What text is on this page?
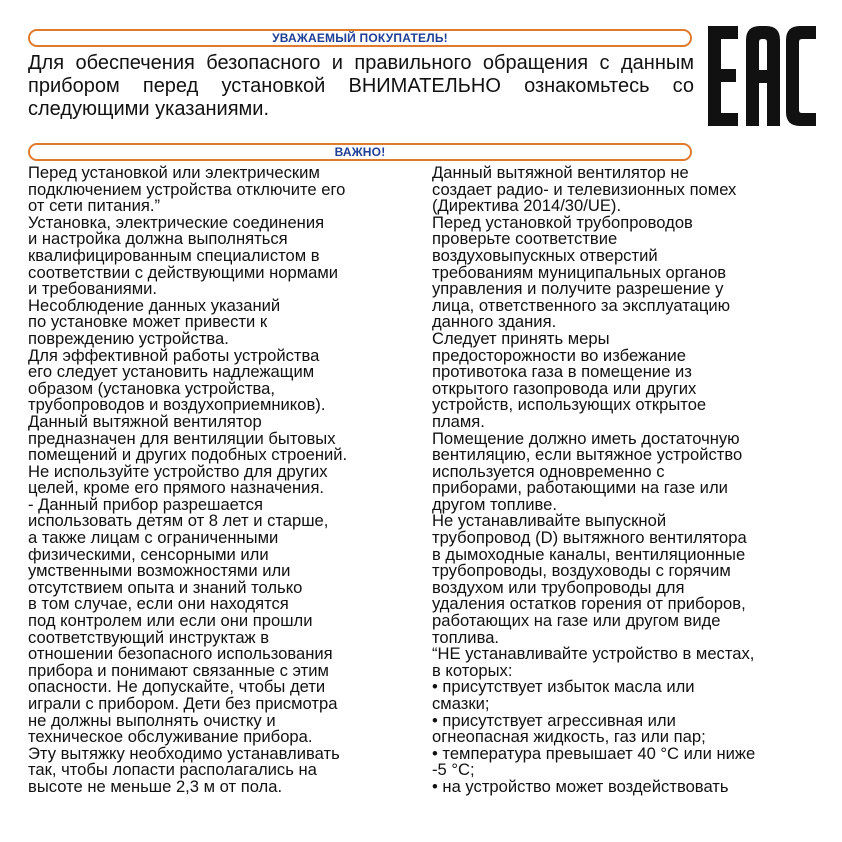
УВАЖАЕМЫЙ ПОКУПАТЕЛЬ!

Для обеспечения безопасного и правильного обращения с данным прибором перед установкой ВНИМАТЕЛЬНО ознакомьтесь со следующими указаниями.

ВАЖНО!

Перед установкой или электрическим
подключением устройства отключите его
от сети питания.”

Установка, электрические соединения
и настройка должна выполняться
квалифицированным специалистом в
соответствии с действующими нормами
и требованиями.

Несоблюдение данных указаний
по установке может привести к
повреждению устройства.

Для эффективной работы устройства
его следует установить надлежащим
образом (установка устройства,
трубопроводов и воздухоприемников).

Данный вытяжной вентилятор
предназначен для вентиляции бытовых
помещений и других подобных строений.

Не используйте устройство для других
целей, кроме его прямого назначения.

- Данный прибор разрешается
использовать детям от 8 лет и старше,
а также лицам с ограниченными
физическими, сенсорными или
умственными возможностями или
отсутствием опыта и знаний только
в том случае, если они находятся
под контролем или если они прошли
соответствующий инструктаж в
отношении безопасного использования
прибора и понимают связанные с этим
опасности. Не допускайте, чтобы дети
играли с прибором. Дети без присмотра
не должны выполнять очистку и
техническое обслуживание прибора.

Эту вытяжку необходимо устанавливать
так, чтобы лопасти располагались на
высоте не меньше 2,3 м от пола.

Данный вытяжной вентилятор не
создает радио- и телевизионных помех
(Директива 2014/30/UE).

Перед установкой трубопроводов
проверьте соответствие
воздуховыпускных отверстий
требованиям муниципальных органов
управления и получите разрешение у
лица, ответственного за эксплуатацию
данного здания.

Следует принять меры
предосторожности во избежание
противотока газа в помещение из
открытого газопровода или других
устройств, использующих открытое
пламя.

Помещение должно иметь достаточную
вентиляцию, если вытяжное устройство
используется одновременно с
приборами, работающими на газе или
другом топливе.

Не устанавливайте выпускной
трубопровод (D) вытяжного вентилятора
в дымоходные каналы, вентиляционные
трубопроводы, воздуховоды с горячим
воздухом или трубопроводы для
удаления остатков горения от приборов,
работающих на газе или другом виде
топлива.

“НЕ устанавливайте устройство в местах,
в которых:

• присутствует избыток масла или
смазки;

• присутствует агрессивная или
огнеопасная жидкость, газ или пар;

• температура превышает 40 °C или ниже
-5 °C;

• на устройство может воздействовать
